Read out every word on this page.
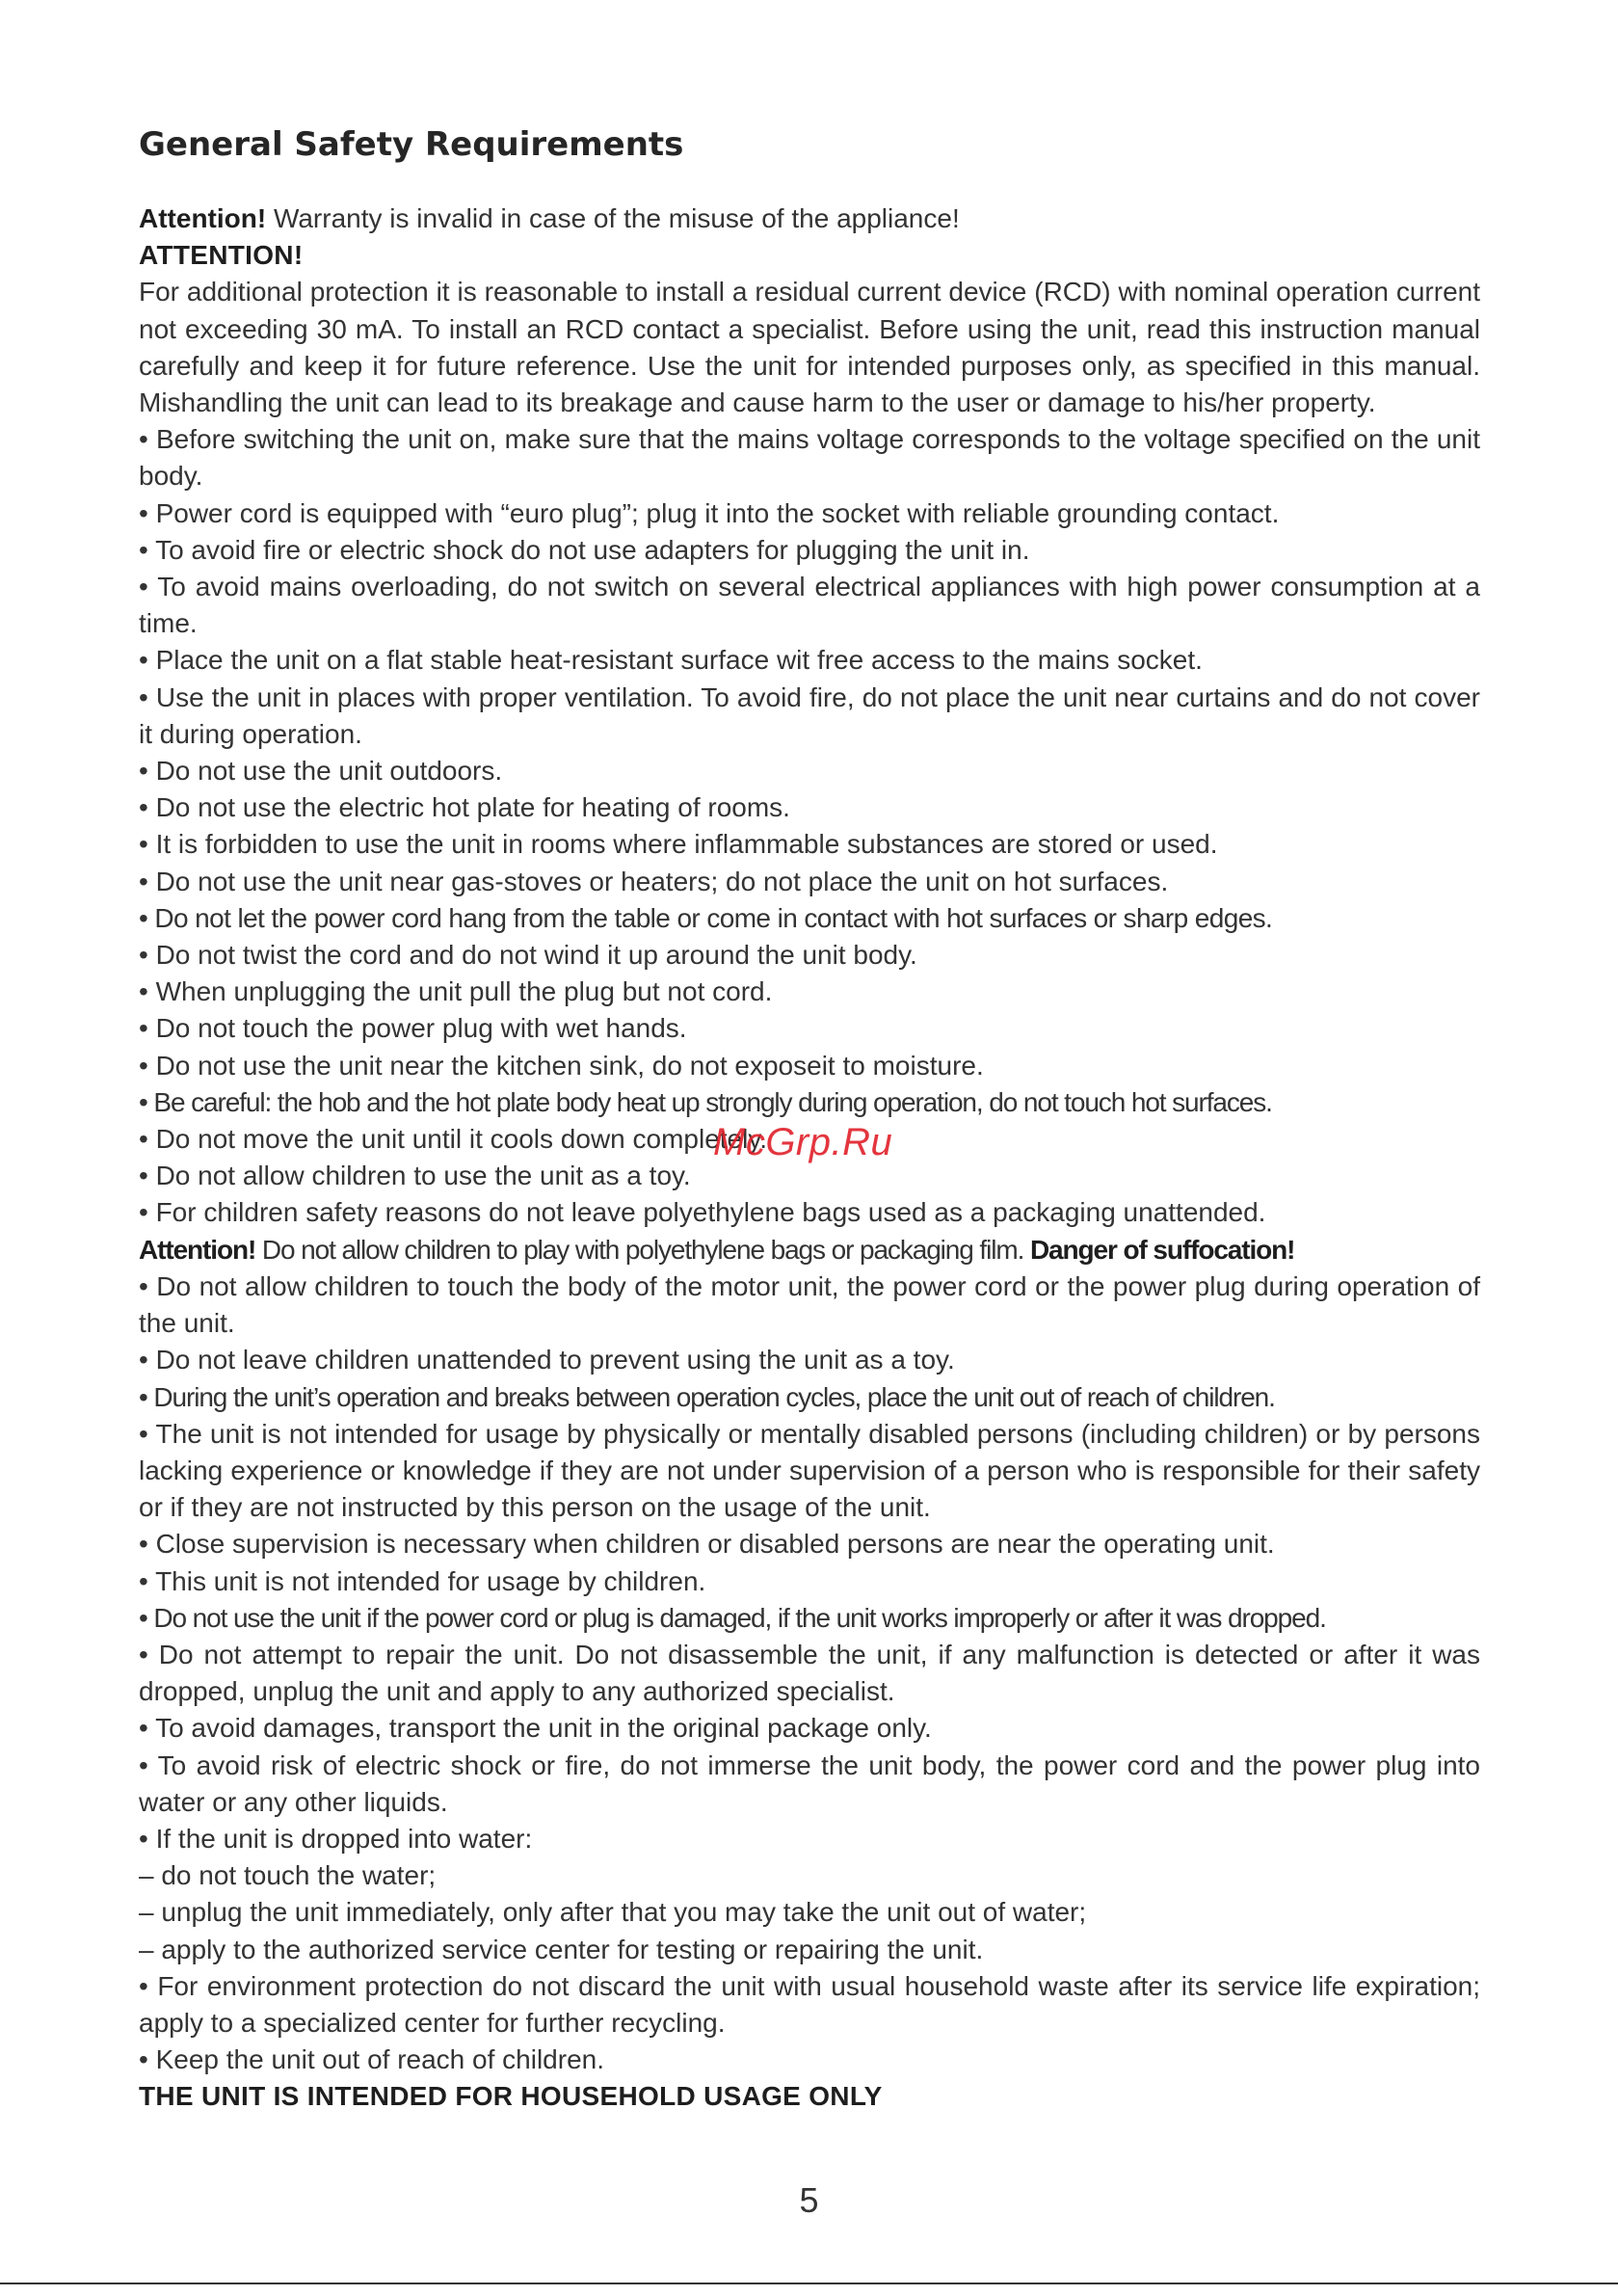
General Safety Requirements

Attention! Warranty is invalid in case of the misuse of the appliance!

ATTENTION!

For additional protection it is reasonable to install a residual current device (RCD) with nominal operation current not exceeding 30 mA. To install an RCD contact a specialist. Before using the unit, read this instruction manual carefully and keep it for future reference. Use the unit for intended purposes only, as specified in this manual. Mishandling the unit can lead to its breakage and cause harm to the user or damage to his/her property.

• Before switching the unit on, make sure that the mains voltage corresponds to the voltage specified on the unit body.

• Power cord is equipped with “euro plug”; plug it into the socket with reliable grounding contact.

• To avoid fire or electric shock do not use adapters for plugging the unit in.

• To avoid mains overloading, do not switch on several electrical appliances with high power consumption at a time.

• Place the unit on a flat stable heat-resistant surface wit free access to the mains socket.

• Use the unit in places with proper ventilation. To avoid fire, do not place the unit near curtains and do not cover it during operation.

• Do not use the unit outdoors.

• Do not use the electric hot plate for heating of rooms.

• It is forbidden to use the unit in rooms where inflammable substances are stored or used.

• Do not use the unit near gas-stoves or heaters; do not place the unit on hot surfaces.

• Do not let the power cord hang from the table or come in contact with hot surfaces or sharp edges.

• Do not twist the cord and do not wind it up around the unit body.

• When unplugging the unit pull the plug but not cord.

• Do not touch the power plug with wet hands.

• Do not use the unit near the kitchen sink, do not exposeit to moisture.

• Be careful: the hob and the hot plate body heat up strongly during operation, do not touch hot surfaces.

• Do not move the unit until it cools down completely.

• Do not allow children to use the unit as a toy.

• For children safety reasons do not leave polyethylene bags used as a packaging unattended.

Attention! Do not allow children to play with polyethylene bags or packaging film. Danger of suffocation!

• Do not allow children to touch the body of the motor unit, the power cord or the power plug during operation of the unit.

• Do not leave children unattended to prevent using the unit as a toy.

• During the unit’s operation and breaks between operation cycles, place the unit out of reach of children.

• The unit is not intended for usage by physically or mentally disabled persons (including children) or by persons lacking experience or knowledge if they are not under supervision of a person who is responsible for their safety or if they are not instructed by this person on the usage of the unit.

• Close supervision is necessary when children or disabled persons are near the operating unit.

• This unit is not intended for usage by children.

• Do not use the unit if the power cord or plug is damaged, if the unit works improperly or after it was dropped.

• Do not attempt to repair the unit. Do not disassemble the unit, if any malfunction is detected or after it was dropped, unplug the unit and apply to any authorized specialist.

• To avoid damages, transport the unit in the original package only.

• To avoid risk of electric shock or fire, do not immerse the unit body, the power cord and the power plug into water or any other liquids.

• If the unit is dropped into water:

– do not touch the water;

– unplug the unit immediately, only after that you may take the unit out of water;

– apply to the authorized service center for testing or repairing the unit.

• For environment protection do not discard the unit with usual household waste after its service life expiration; apply to a specialized center for further recycling.

• Keep the unit out of reach of children.

THE UNIT IS INTENDED FOR HOUSEHOLD USAGE ONLY

McGrp.Ru
5
